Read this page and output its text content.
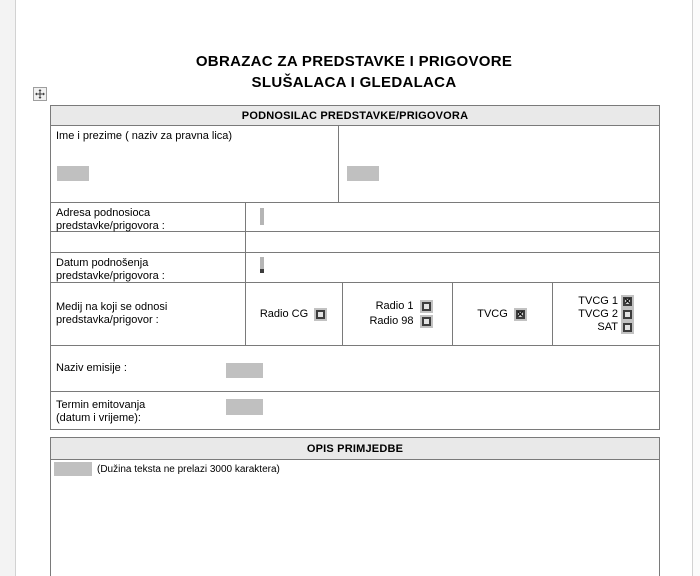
OBRAZAC ZA PREDSTAVKE I PRIGOVORE
SLUŠALACA I GLEDALACA
PODNOSILAC PREDSTAVKE/PRIGOVORA
Ime i prezime ( naziv za pravna lica)
Adresa podnosioca
predstavke/prigovora :
Datum podnošenja
predstavke/prigovora :
Medij na koji se odnosi
predstavka/prigovor :	Radio CG
Radio 1
Radio 98
TVCG ×
TVCG 1 ×
TVCG 2
SAT
Naziv emisije :
Termin emitovanja
(datum i vrijeme):
OPIS PRIMJEDBE
(Dužina teksta ne prelazi 3000 karaktera)
